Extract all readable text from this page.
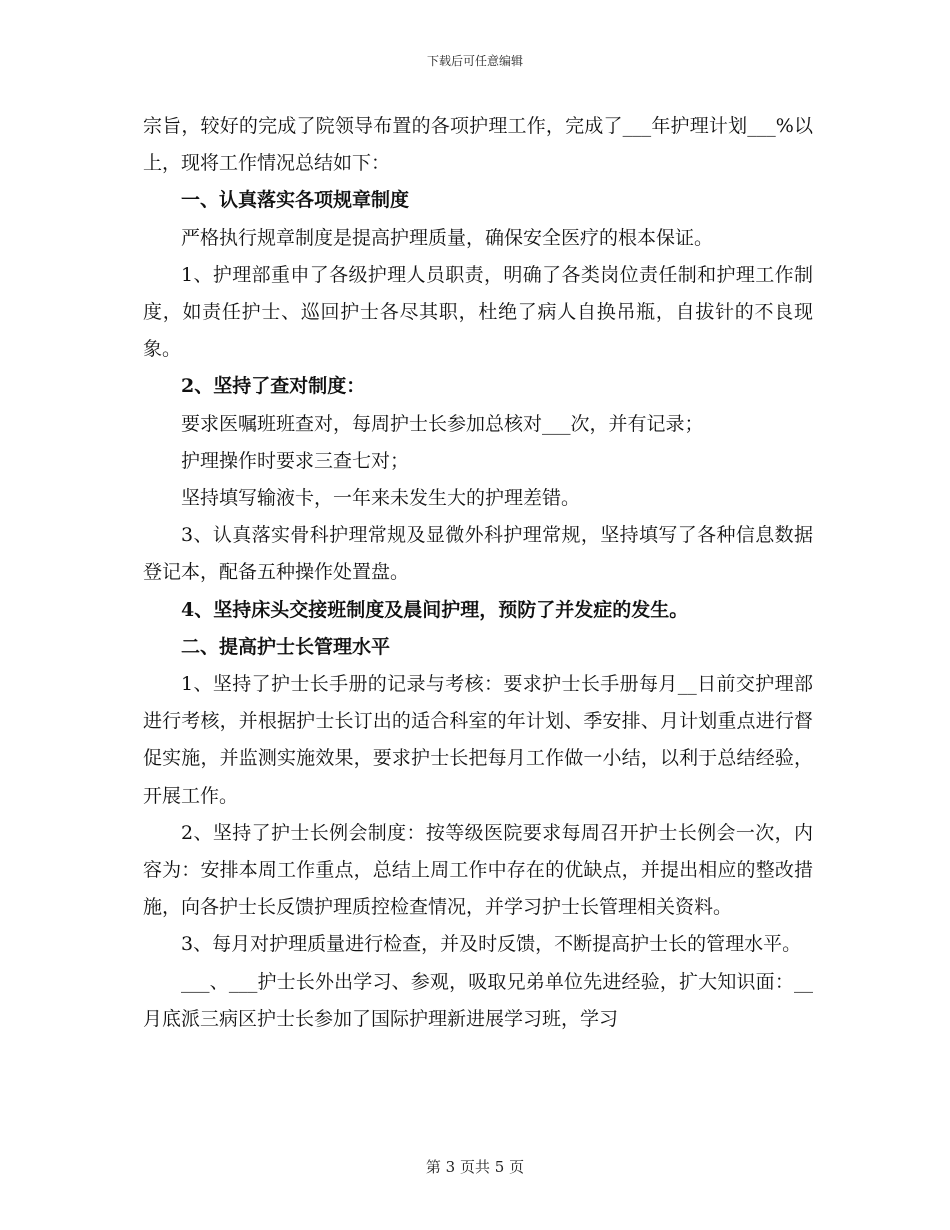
下载后可任意编辑

宗旨，较好的完成了院领导布置的各项护理工作，完成了___年护理计划___%以上，现将工作情况总结如下：

一、认真落实各项规章制度

严格执行规章制度是提高护理质量，确保安全医疗的根本保证。

1、护理部重申了各级护理人员职责，明确了各类岗位责任制和护理工作制度，如责任护士、巡回护士各尽其职，杜绝了病人自换吊瓶，自拔针的不良现象。

2、坚持了查对制度：

要求医嘱班班查对，每周护士长参加总核对___次，并有记录；

护理操作时要求三查七对；

坚持填写输液卡，一年来未发生大的护理差错。

3、认真落实骨科护理常规及显微外科护理常规，坚持填写了各种信息数据登记本，配备五种操作处置盘。

4、坚持床头交接班制度及晨间护理，预防了并发症的发生。

二、提高护士长管理水平

1、坚持了护士长手册的记录与考核：要求护士长手册每月__日前交护理部进行考核，并根据护士长订出的适合科室的年计划、季安排、月计划重点进行督促实施，并监测实施效果，要求护士长把每月工作做一小结，以利于总结经验，开展工作。

2、坚持了护士长例会制度：按等级医院要求每周召开护士长例会一次，内容为：安排本周工作重点，总结上周工作中存在的优缺点，并提出相应的整改措施，向各护士长反馈护理质控检查情况，并学习护士长管理相关资料。

3、每月对护理质量进行检查，并及时反馈，不断提高护士长的管理水平。

___、___护士长外出学习、参观，吸取兄弟单位先进经验，扩大知识面：__月底派三病区护士长参加了国际护理新进展学习班，学习

第 3 页共 5 页
